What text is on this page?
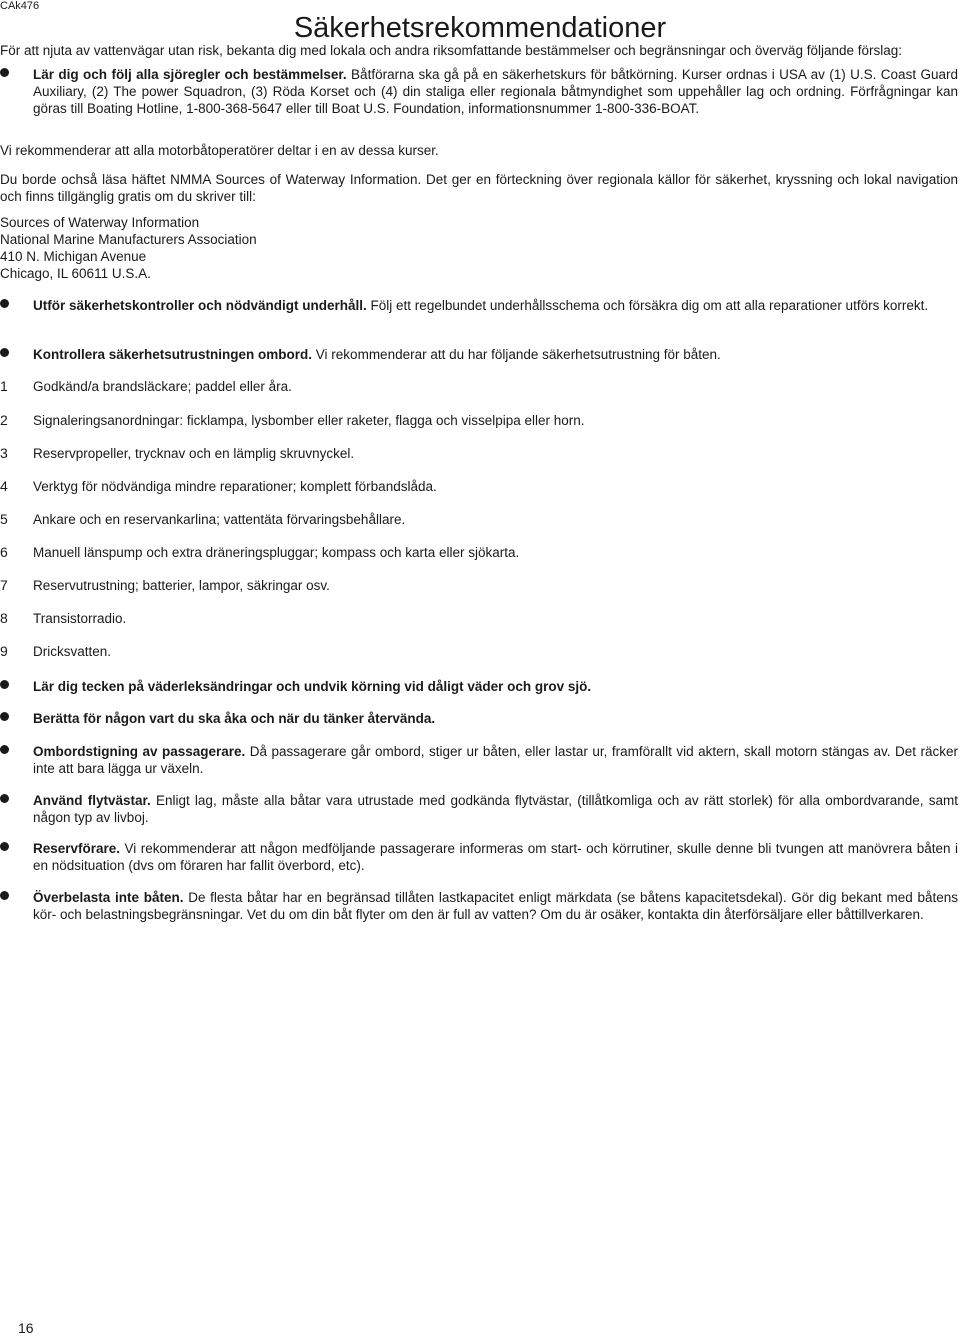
CAk476
Säkerhetsrekommendationer

För att njuta av vattenvägar utan risk, bekanta dig med lokala och andra riksomfattande bestämmelser och begränsningar och överväg följande förslag:

Lär dig och följ alla sjöregler och bestämmelser. Båtförarna ska gå på en säkerhetskurs för båtkörning. Kurser ordnas i USA av (1) U.S. Coast Guard Auxiliary, (2) The power Squadron, (3) Röda Korset och (4) din staliga eller regionala båtmyndighet som uppehåller lag och ordning. Förfrågningar kan göras till Boating Hotline, 1-800-368-5647 eller till Boat U.S. Foundation, informationsnummer 1-800-336-BOAT.

Vi rekommenderar att alla motorbåtoperatörer deltar i en av dessa kurser.

Du borde ochså läsa häftet NMMA Sources of Waterway Information. Det ger en förteckning över regionala källor för säkerhet, kryssning och lokal navigation och finns tillgänglig gratis om du skriver till:

Sources of Waterway Information
National Marine Manufacturers Association
410 N. Michigan Avenue
Chicago, IL 60611 U.S.A.

Utför säkerhetskontroller och nödvändigt underhåll. Följ ett regelbundet underhållsschema och försäkra dig om att alla reparationer utförs korrekt.

Kontrollera säkerhetsutrustningen ombord. Vi rekommenderar att du har följande säkerhetsutrustning för båten.

1 Godkänd/a brandsläckare; paddel eller åra.
2 Signaleringsanordningar: ficklampa, lysbomber eller raketer, flagga och visselpipa eller horn.
3 Reservpropeller, trycknav och en lämplig skruvnyckel.
4 Verktyg för nödvändiga mindre reparationer; komplett förbandslåda.
5 Ankare och en reservankarlina; vattentäta förvaringsbehållare.
6 Manuell länspump och extra dräneringspluggar; kompass och karta eller sjökarta.
7 Reservutrustning; batterier, lampor, säkringar osv.
8 Transistorradio.
9 Dricksvatten.

Lär dig tecken på väderleksändringar och undvik körning vid dåligt väder och grov sjö.

Berätta för någon vart du ska åka och när du tänker återvända.

Ombordstigning av passagerare. Då passagerare går ombord, stiger ur båten, eller lastar ur, framförallt vid aktern, skall motorn stängas av. Det räcker inte att bara lägga ur växeln.

Använd flytvästar. Enligt lag, måste alla båtar vara utrustade med godkända flytvästar, (tillåtkomliga och av rätt storlek) för alla ombordvarande, samt någon typ av livboj.

Reservförare. Vi rekommenderar att någon medföljande passagerare informeras om start- och körrutiner, skulle denne bli tvungen att manövrera båten i en nödsituation (dvs om föraren har fallit överbord, etc).

Överbelasta inte båten. De flesta båtar har en begränsad tillåten lastkapacitet enligt märkdata (se båtens kapacitetsdekal). Gör dig bekant med båtens kör- och belastningsbegränsningar. Vet du om din båt flyter om den är full av vatten? Om du är osäker, kontakta din återförsäljare eller båttillverkaren.

16
